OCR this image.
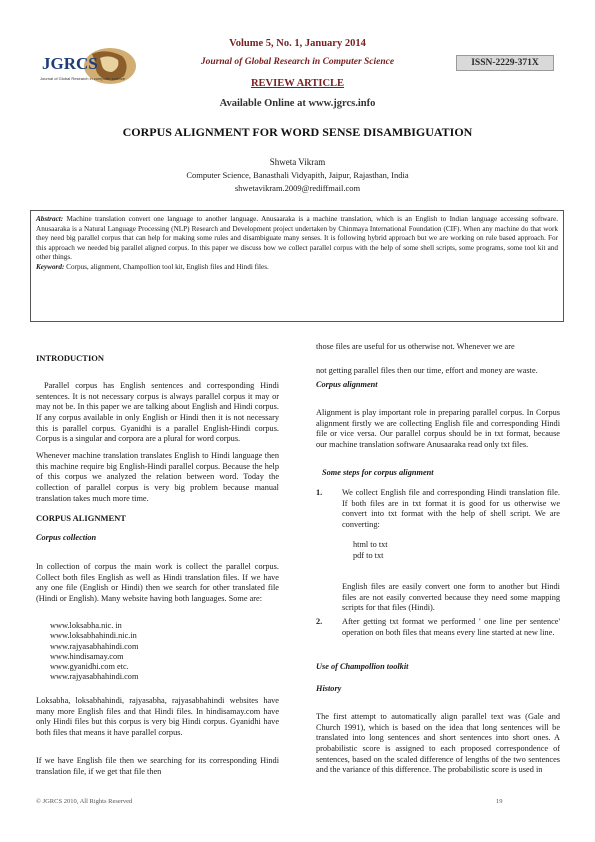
JGRCS
Journal of Global Research in computer science
Volume 5, No. 1, January 2014
Journal of Global Research in Computer Science	ISSN-2229-371X
REVIEW ARTICLE
Available Online at www.jgrcs.info
CORPUS ALIGNMENT FOR WORD SENSE DISAMBIGUATION
Shweta Vikram
Computer Science, Banasthali Vidyapith, Jaipur, Rajasthan, India
shwetavikram.2009@rediffmail.com
Abstract: Machine translation convert one language to another language. Anusaaraka is a machine translation, which is an English to Indian language accessing software. Anusaaraka is a Natural Language Processing (NLP) Research and Development project undertaken by Chinmaya International Foundation (CIF). When any machine do that work they need big parallel corpus that can help for making some rules and disambiguate many senses. It is following hybrid approach but we are working on rule based approach. For this approach we needed big parallel aligned corpus. In this paper we discuss how we collect parallel corpus with the help of some shell scripts, some programs, some tool kit and other things.
Keyword: Corpus, alignment, Champollion tool kit, English files and Hindi files.
INTRODUCTION

Parallel corpus has English sentences and corresponding Hindi sentences. It is not necessary corpus is always parallel corpus it may or may not be. In this paper we are talking about English and Hindi corpus. If any corpus available in only English or Hindi then it is not necessary this is parallel corpus. Gyanidhi is a parallel English-Hindi corpus. Corpus is a singular and corpora are a plural for word corpus.

Whenever machine translation translates English to Hindi language then this machine require big English-Hindi parallel corpus. Because the help of this corpus we analyzed the relation between word. Today the collection of parallel corpus is very big problem because manual translation takes much more time.

CORPUS ALIGNMENT
Corpus collection

In collection of corpus the main work is collect the parallel corpus. Collect both files English as well as Hindi translation files. If we have any one file (English or Hindi) then we search for other translated file (Hindi or English). Many website having both languages. Some are:

www.loksabha.nic. in
www.loksabhahindi.nic.in
www.rajyasabhahindi.com
www.hindisamay.com
www.gyanidhi.com etc.
www.rajyasabhahindi.com

Loksabha, loksabhahindi, rajyasabha, rajyasabhahindi websites have many more English files and that Hindi files. In hindisamay.com have only Hindi files but this corpus is very big Hindi corpus. Gyanidhi have both files that means it have parallel corpus.

If we have English file then we searching for its corresponding Hindi translation file, if we get that file then

those files are useful for us otherwise not. Whenever we are

not getting parallel files then our time, effort and money are waste.

Corpus alignment

Alignment is play important role in preparing parallel corpus. In Corpus alignment firstly we are collecting English file and corresponding Hindi file or vice versa. Our parallel corpus should be in txt format, because our machine translation software Anusaaraka read only txt files.

Some steps for corpus alignment
1. We collect English file and corresponding Hindi translation file. If both files are in txt format it is good for us otherwise we convert into txt format with the help of shell script. We are converting:

html to txt
pdf to txt

English files are easily convert one form to another but Hindi files are not easily converted because they need some mapping scripts for that files (Hindi).

2. After getting txt format we performed ' one line per sentence' operation on both files that means every line started at new line.

Use of Champollion toolkit
History

The first attempt to automatically align parallel text was (Gale and Church 1991), which is based on the idea that long sentences will be translated into long sentences and short sentences into short ones. A probabilistic score is assigned to each proposed correspondence of sentences, based on the scaled difference of lengths of the two sentences and the variance of this difference. The probabilistic score is used in

© JGRCS 2010, All Rights Reserved	19
